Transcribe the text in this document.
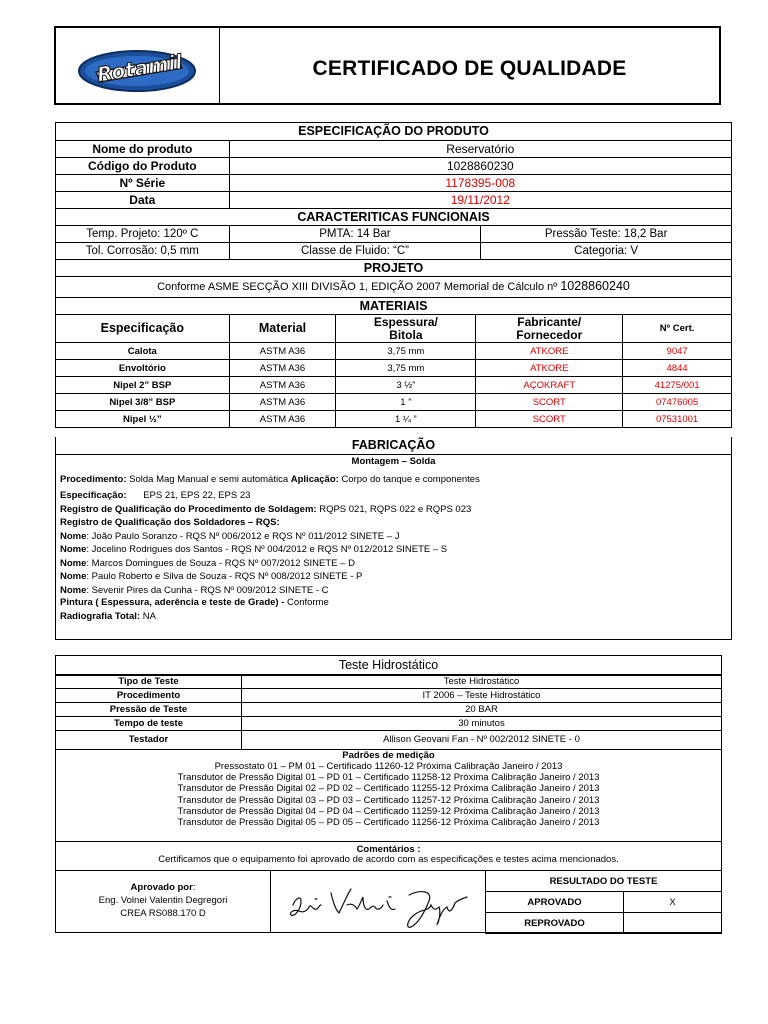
Rotamil	CERTIFICADO DE QUALIDADE
ESPECIFICAÇÃO DO PRODUTO					
Nome do produto	Reservatório				
Código do Produto	1028860230				
Nº Série	1178395-008				
Data	19/11/2012				
CARACTERITICAS FUNCIONAIS					
Temp. Projeto: 120º C	PMTA: 14 Bar			Pressão Teste: 18,2 Bar	
Tol. Corrosão: 0,5 mm	Classe de Fluido: “C”			Categoria: V	
PROJETO					
Conforme ASME SECÇÃO XIII DIVISÃO 1, EDIÇÃO 2007 Memorial de Cálculo nº 1028860240					
MATERIAIS					
Especificação	Material	Espessura/ Bitola	Fabricante/ Fornecedor		Nº Cert.
Calota	ASTM A36	3,75 mm	ATKORE		9047
Envoltório	ASTM A36	3,75 mm	ATKORE		4844
Nipel 2” BSP	ASTM A36	3 ½”	AÇOKRAFT		41275/001
Nipel 3/8” BSP	ASTM A36	1 ”	SCORT		07476005
Nipel ½”	ASTM A36	1 ¼ ”	SCORT		07531001
FABRICAÇÃO
Montagem – Solda
Procedimento: Solda Mag Manual e semi automática Aplicação: Corpo do tanque e componentes
Especificação: EPS 21, EPS 22, EPS 23
Registro de Qualificação do Procedimento de Soldagem: RQPS 021, RQPS 022 e RQPS 023
Registro de Qualificação dos Soldadores – RQS:
Nome: João Paulo Soranzo - RQS Nº 006/2012 e RQS Nº 011/2012 SINETE – J
Nome: Jocelino Rodrigues dos Santos - RQS Nº 004/2012 e RQS Nº 012/2012 SINETE – S
Nome: Marcos Domingues de Souza - RQS Nº 007/2012 SINETE – D
Nome: Paulo Roberto e Silva de Souza - RQS Nº 008/2012 SINETE - P
Nome: Sevenir Pires da Cunha - RQS Nº 009/2012 SINETE - C
Pintura ( Espessura, aderência e teste de Grade) - Conforme
Radiografia Total: NA
Teste Hidrostático
Padrões de medição
Pressostato 01 – PM 01 – Certificado 11260-12 Próxima Calibração Janeiro / 2013
Transdutor de Pressão Digital 01 – PD 01 – Certificado 11258-12 Próxima Calibração Janeiro / 2013
Transdutor de Pressão Digital 02 – PD 02 – Certificado 11255-12 Próxima Calibração Janeiro / 2013
Transdutor de Pressão Digital 03 – PD 03 – Certificado 11257-12 Próxima Calibração Janeiro / 2013
Transdutor de Pressão Digital 04 – PD 04 – Certificado 11259-12 Próxima Calibração Janeiro / 2013
Transdutor de Pressão Digital 05 – PD 05 – Certificado 11256-12 Próxima Calibração Janeiro / 2013
Comentários :
Certificamos que o equipamento foi aprovado de acordo com as especificações e testes acima mencionados.
Aprovado por:
Eng. Volnei Valentin Degregori
CREA RS088.170 D
RESULTADO DO TESTE	
APROVADO	X
REPROVADO	
Tipo de Teste	Teste Hidrostático
Procedimento	IT 2006 – Teste Hidrostático
Pressão de Teste	20 BAR
Tempo de teste	30 minutos
Testador	Allison Geovani Fan - Nº 002/2012 SINETE - 0
